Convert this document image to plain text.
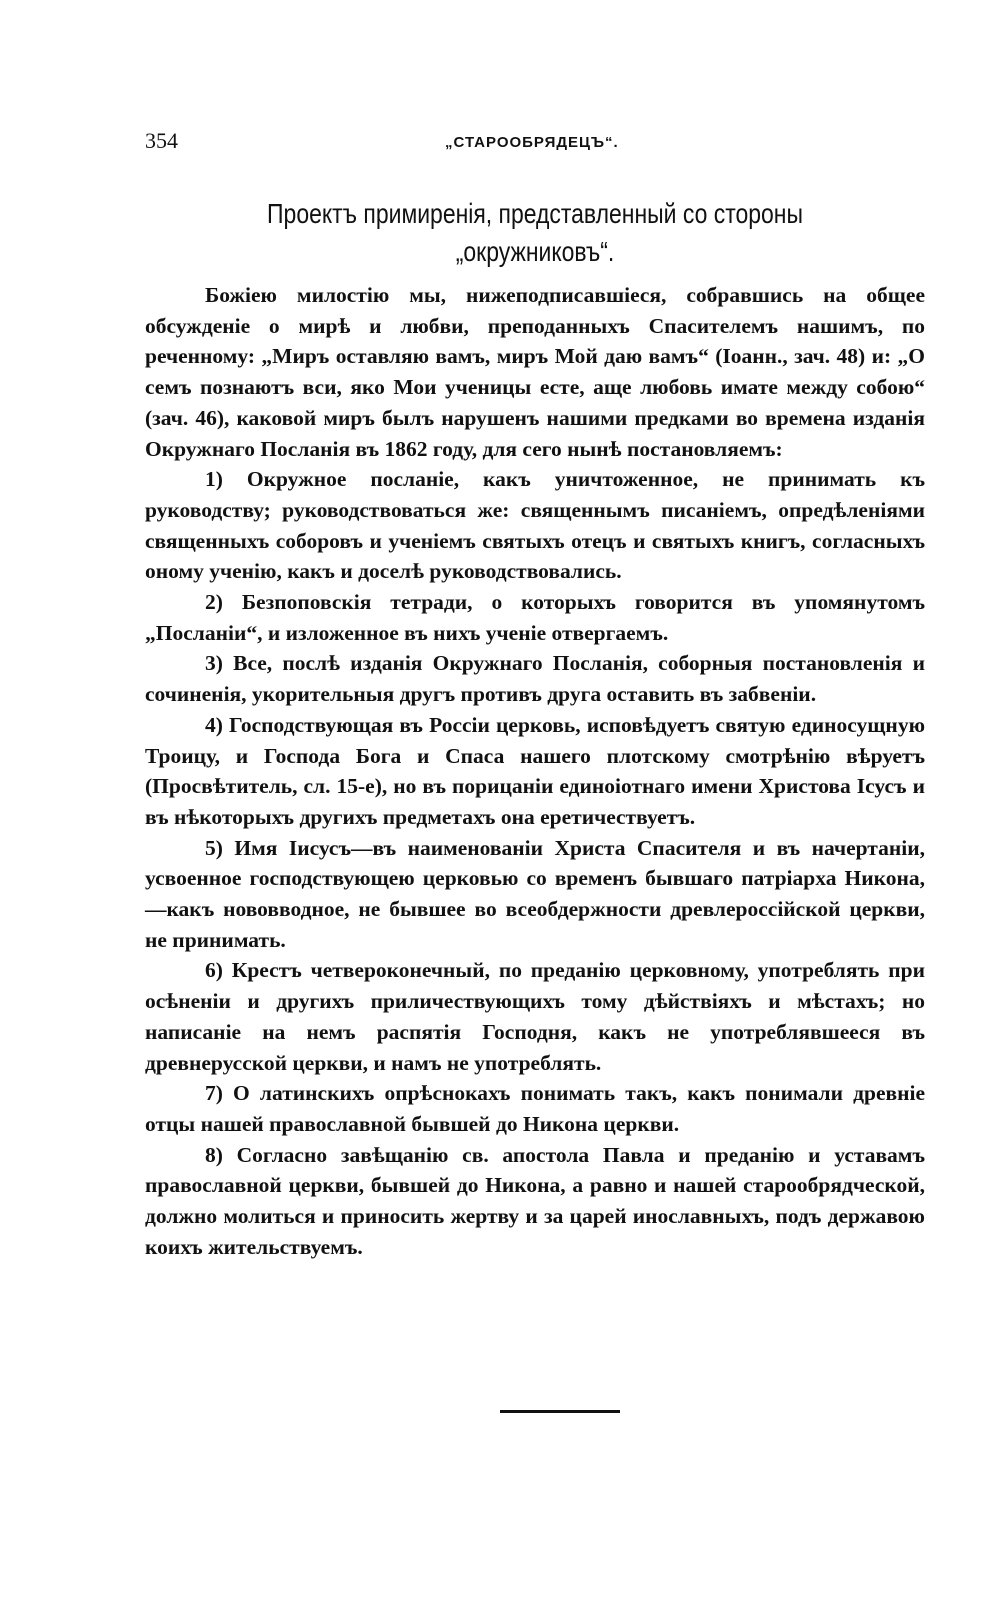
354	„СТАРООБРЯДЕЦЪ“.
Проектъ примиренія, представленный со стороны
„окружниковъ“.

Божіею милостію мы, нижеподписавшіеся, собравшись на общее обсужденіе о мирѣ и любви, преподанныхъ Спасителемъ нашимъ, по реченному: „Миръ оставляю вамъ, миръ Мой даю вамъ“ (Іоанн., зач. 48) и: „О семъ познаютъ вси, яко Мои ученицы есте, аще любовь имате между собою“ (зач. 46), каковой миръ былъ нарушенъ нашими предками во времена изданія Окружнаго Посланія въ 1862 году, для сего нынѣ постановляемъ:

1) Окружное посланіе, какъ уничтоженное, не принимать къ руководству; руководствоваться же: священнымъ писаніемъ, опредѣленіями священныхъ соборовъ и ученіемъ святыхъ отецъ и святыхъ книгъ, согласныхъ оному ученію, какъ и доселѣ руководствовались.

2) Безпоповскія тетради, о которыхъ говорится въ упомянутомъ „Посланіи“, и изложенное въ нихъ ученіе отвергаемъ.

3) Все, послѣ изданія Окружнаго Посланія, соборныя постановленія и сочиненія, укорительныя другъ противъ друга оставить въ забвеніи.

4) Господствующая въ Россіи церковь, исповѣдуетъ святую единосущную Троицу, и Господа Бога и Спаса нашего плотскому смотрѣнію вѣруетъ (Просвѣтитель, сл. 15-е), но въ порицаніи единоіотнаго имени Христова Ісусъ и въ нѣкоторыхъ другихъ предметахъ она еретичествуетъ.

5) Имя Іисусъ—въ наименованіи Христа Спасителя и въ начертаніи, усвоенное господствующею церковью со временъ бывшаго патріарха Никона,—какъ нововводное, не бывшее во всеобдержности древлероссійской церкви, не принимать.

6) Крестъ четвероконечный, по преданію церковному, употреблять при осѣненіи и другихъ приличествующихъ тому дѣйствіяхъ и мѣстахъ; но написаніе на немъ распятія Господня, какъ не употреблявшееся въ древнерусской церкви, и намъ не употреблять.

7) О латинскихъ опрѣснокахъ понимать такъ, какъ понимали древніе отцы нашей православной бывшей до Никона церкви.

8) Согласно завѣщанію св. апостола Павла и преданію и уставамъ православной церкви, бывшей до Никона, а равно и нашей старообрядческой, должно молиться и приносить жертву и за царей инославныхъ, подъ державою коихъ жительствуемъ.
